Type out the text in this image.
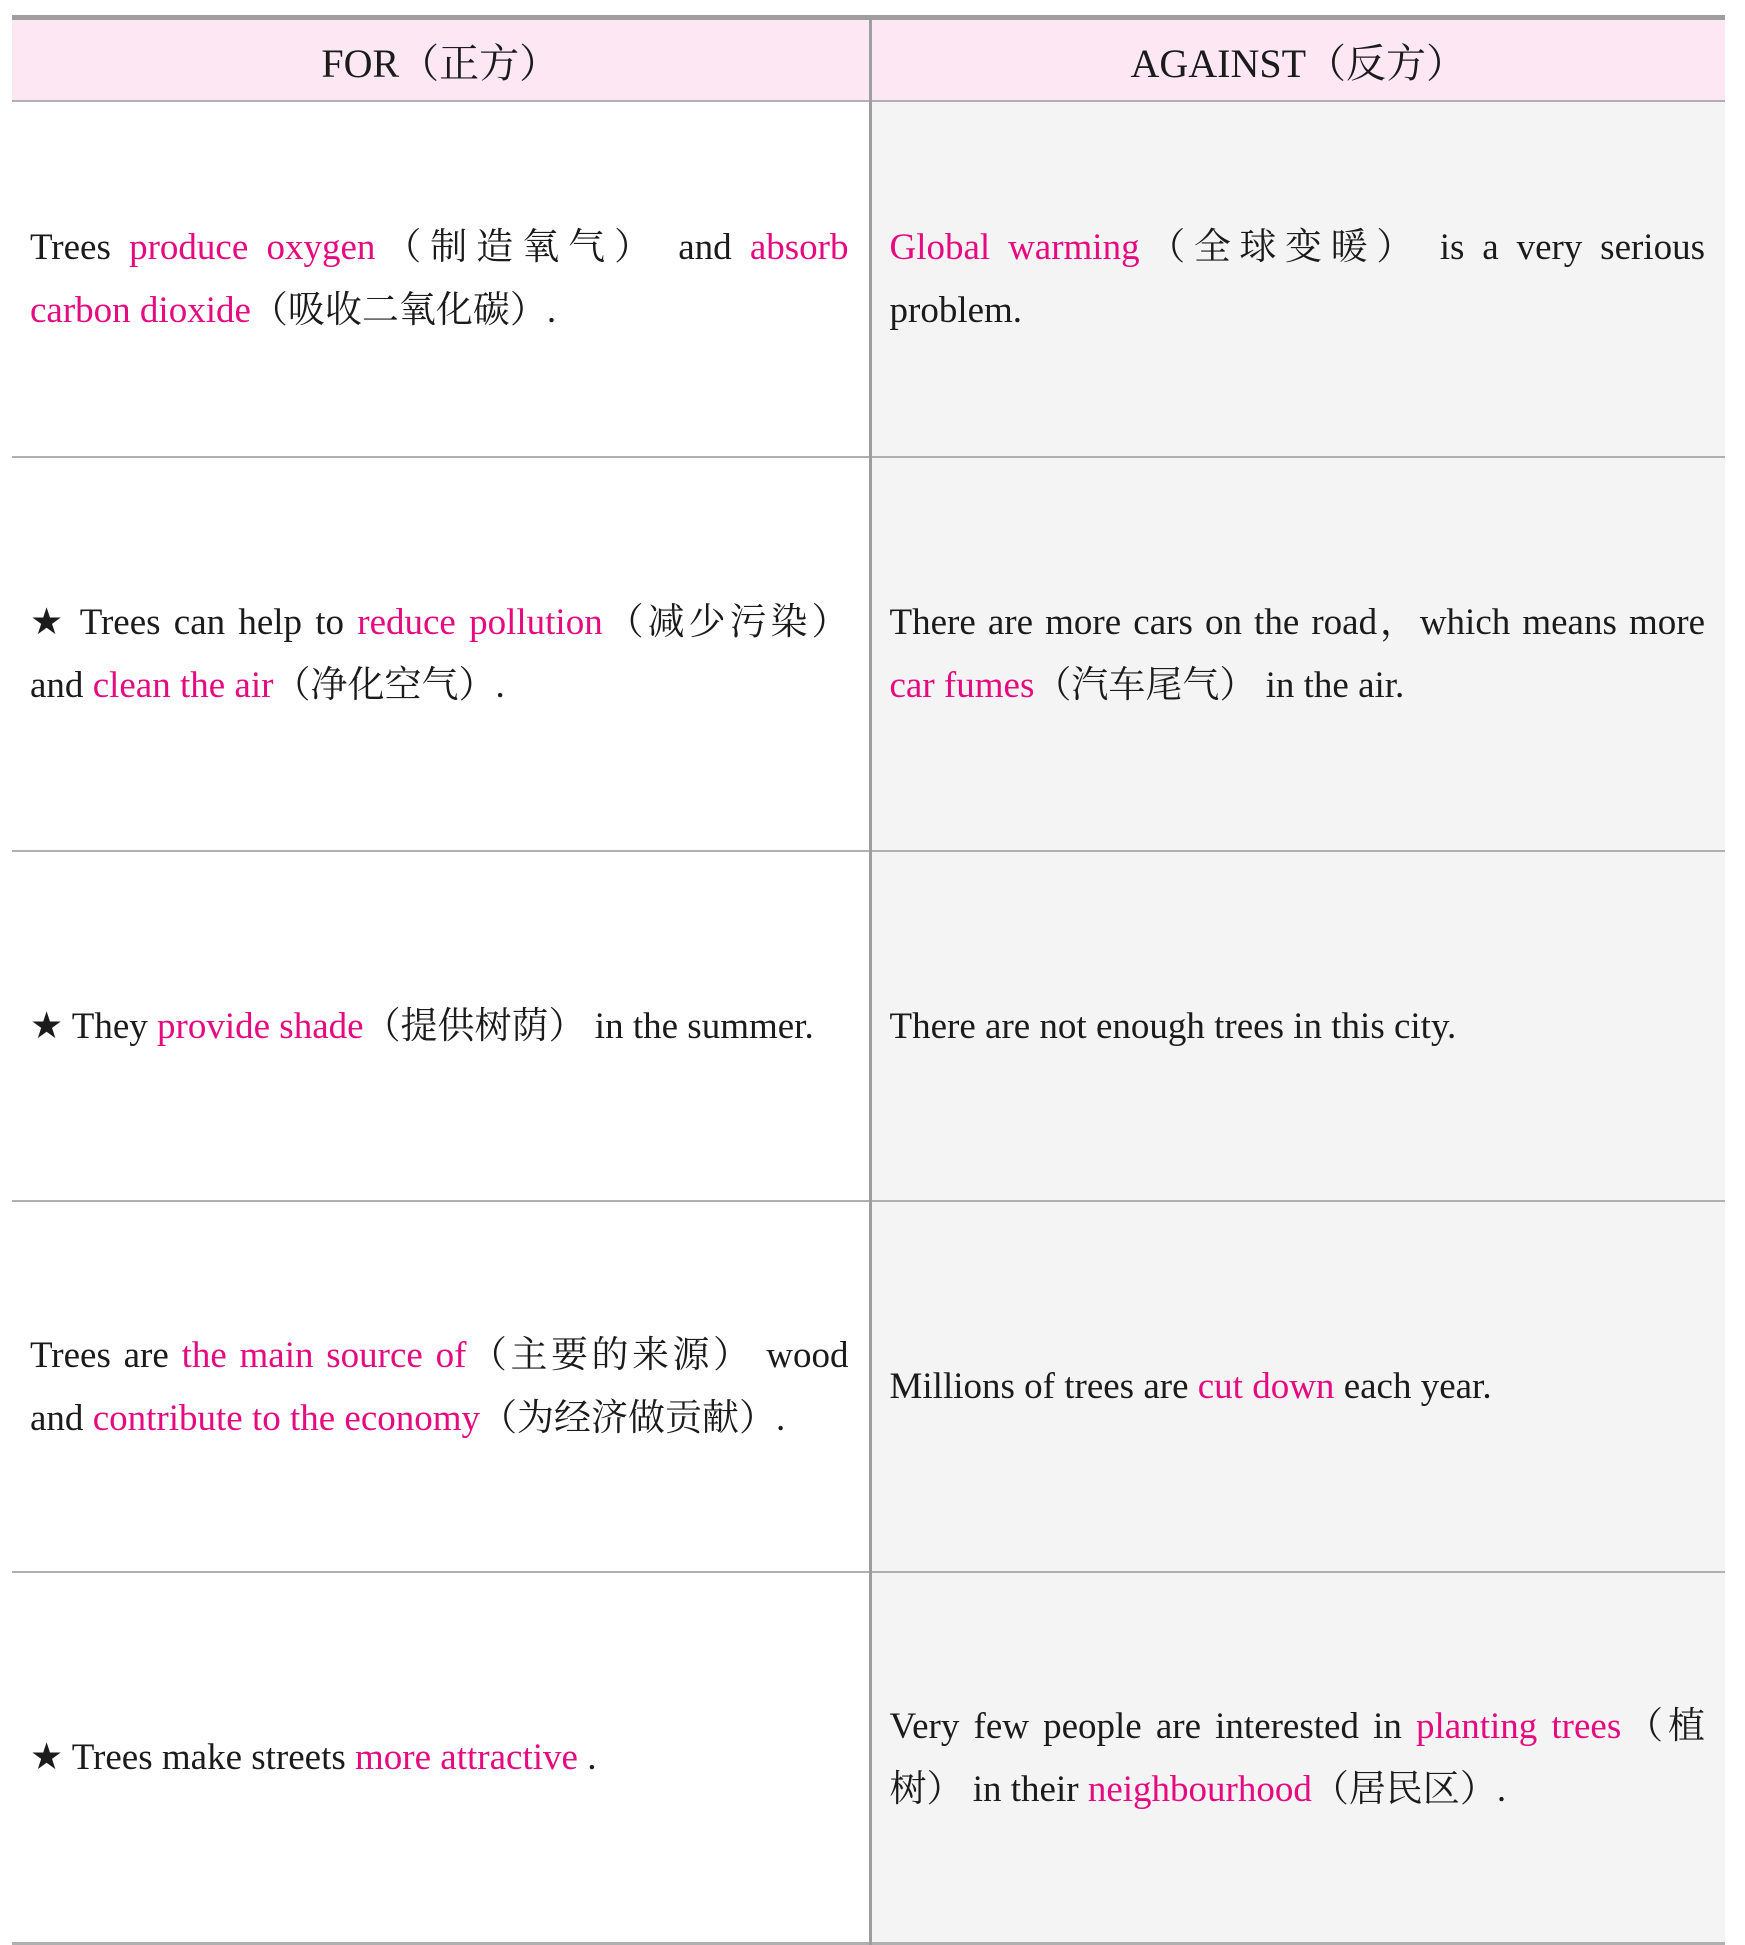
FOR（正方）	AGAINST（反方）
Trees produce oxygen（制造氧气） and absorb carbon dioxide（吸收二氧化碳）.	Global warming（全球变暖） is a very serious problem.
★ Trees can help to reduce pollution（减少污染） and clean the air（净化空气）.	There are more cars on the road，which means more car fumes（汽车尾气） in the air.
★ They provide shade（提供树荫） in the summer.	There are not enough trees in this city.
Trees are the main source of（主要的来源） wood and contribute to the economy（为经济做贡献）.	Millions of trees are cut down each year.
★ Trees make streets more attractive .	Very few people are interested in planting trees（植树） in their neighbourhood（居民区）.
